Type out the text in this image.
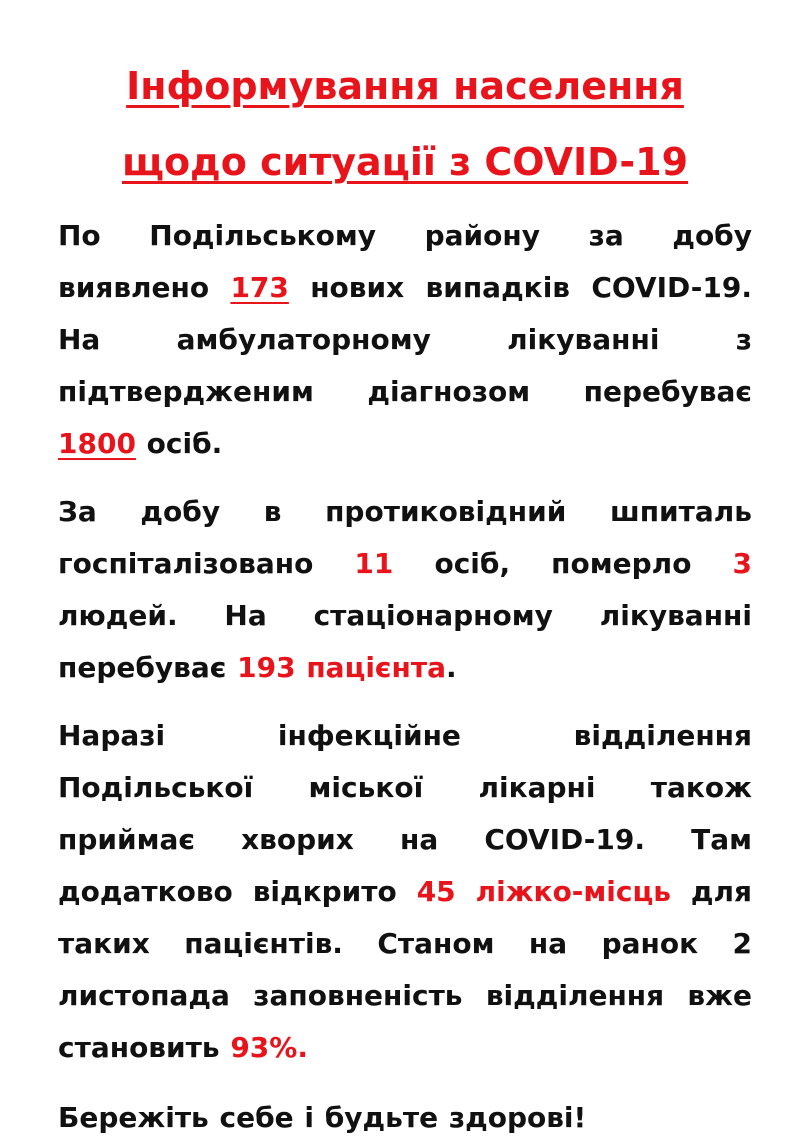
Інформування населення
щодо ситуації з COVID-19

По Подільському району за добу виявлено 173 нових випадків COVID-19. На амбулаторному лікуванні з підтвердженим діагнозом перебуває 1800 осіб.

За добу в протиковідний шпиталь госпіталізовано 11 осіб, померло 3 людей. На стаціонарному лікуванні перебуває 193 пацієнта.

Наразі інфекційне відділення Подільської міської лікарні також приймає хворих на COVID-19. Там додатково відкрито 45 ліжко-місць для таких пацієнтів. Станом на ранок 2 листопада заповненість відділення вже становить 93%.

Бережіть себе і будьте здорові!
